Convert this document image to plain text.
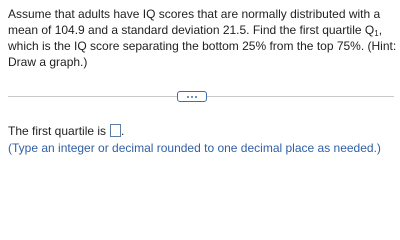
Assume that adults have IQ scores that are normally distributed with a

mean of 104.9 and a standard deviation 21.5. Find the first quartile $Q_1$,

which is the IQ score separating the bottom 25% from the top 75%. (Hint:

Draw a graph.)

The first quartile is .
(Type an integer or decimal rounded to one decimal place as needed.)
